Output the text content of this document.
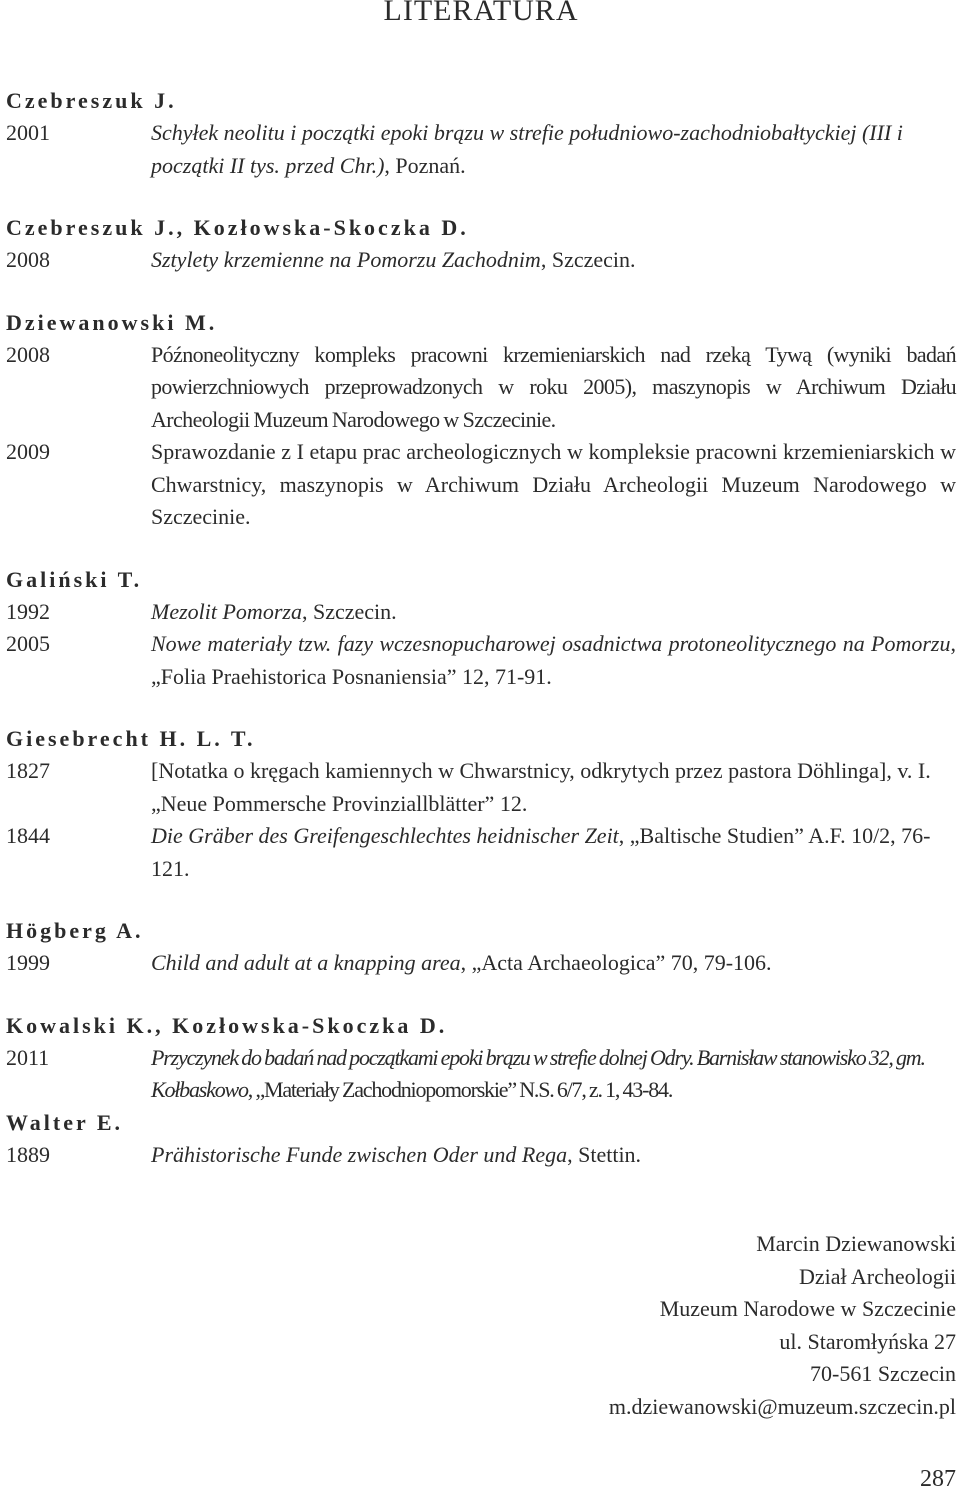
LITERATURA

Czebreszuk J.

2001	Schyłek neolitu i początki epoki brązu w strefie południowo-zachodniobałtyckiej (III i początki II tys. przed Chr.), Poznań.

Czebreszuk J., Kozłowska-Skoczka D.

2008	Sztylety krzemienne na Pomorzu Zachodnim, Szczecin.

Dziewanowski M.

2008	Późnoneolityczny kompleks pracowni krzemieniarskich nad rzeką Tywą (wyniki badań powierzchniowych przeprowadzonych w roku 2005), maszynopis w Archiwum Działu Archeologii Muzeum Narodowego w Szczecinie.
2009	Sprawozdanie z I etapu prac archeologicznych w kompleksie pracowni krzemieniarskich w Chwarstnicy, maszynopis w Archiwum Działu Archeologii Muzeum Narodowego w Szczecinie.

Galiński T.

1992	Mezolit Pomorza, Szczecin.
2005	Nowe materiały tzw. fazy wczesnopucharowej osadnictwa protoneolitycznego na Pomorzu, „Folia Praehistorica Posnaniensia” 12, 71-91.

Giesebrecht H. L. T.

1827	[Notatka o kręgach kamiennych w Chwarstnicy, odkrytych przez pastora Döhlinga], v. I. „Neue Pommersche Provinziallblätter” 12.
1844	Die Gräber des Greifengeschlechtes heidnischer Zeit, „Baltische Studien” A.F. 10/2, 76-121.

Högberg A.

1999	Child and adult at a knapping area, „Acta Archaeologica” 70, 79-106.

Kowalski K., Kozłowska-Skoczka D.

2011	Przyczynek do badań nad początkami epoki brązu w strefie dolnej Odry. Barnisław stanowisko 32, gm. Kołbaskowo, „Materiały Zachodniopomorskie” N.S. 6/7, z. 1, 43-84.

Walter E.

1889	Prähistorische Funde zwischen Oder und Rega, Stettin.
Marcin Dziewanowski
Dział Archeologii
Muzeum Narodowe w Szczecinie
ul. Staromłyńska 27
70-561 Szczecin
m.dziewanowski@muzeum.szczecin.pl
287
